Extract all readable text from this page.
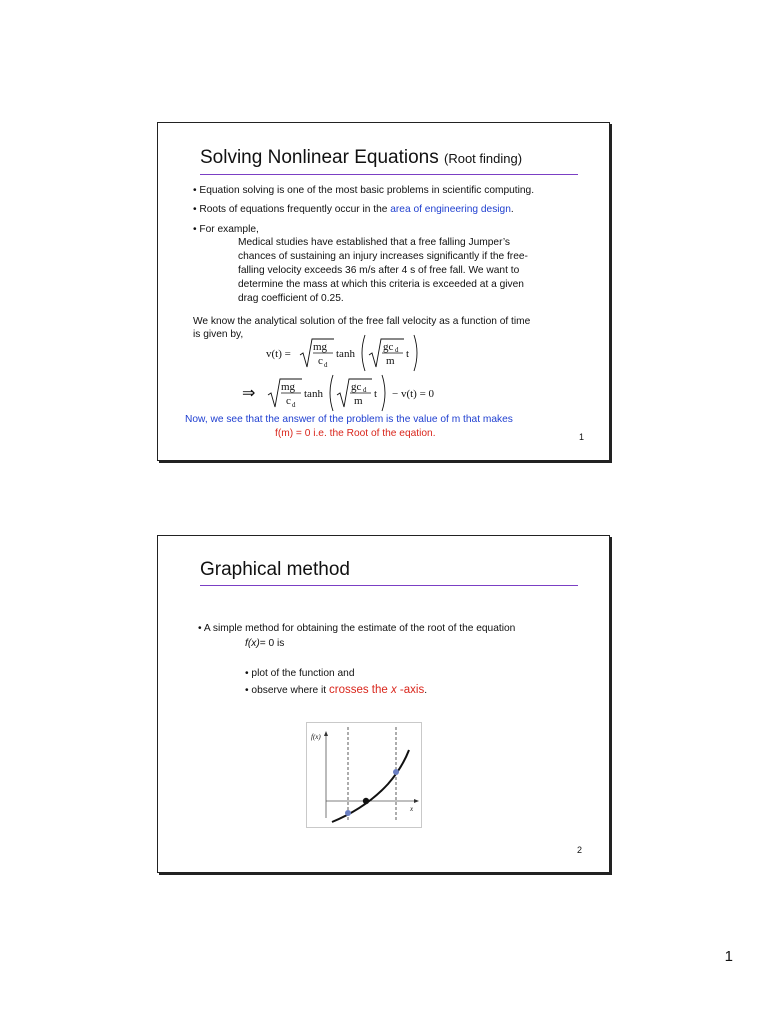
Solving Nonlinear Equations (Root finding)
• Equation solving is one of the most basic problems in scientific computing.
• Roots of equations frequently occur in the area of engineering design.
• For example,
Medical studies have established that a free falling Jumper’s
chances of sustaining an injury increases significantly if the free-
falling velocity exceeds 36 m/s after 4 s of free fall. We want to
determine the mass at which this criteria is exceeded at a given
drag coefficient of 0.25.
We know the analytical solution of the free fall velocity as a function of time
is given by,
v(t) =
mg
c d
tanh
gc d
m
t
⇒ mg
c d
tanh
gc d
m
t − v(t) = 0
Now, we see that the answer of the problem is the value of m that makes
f(m) = 0 i.e. the Root of the eqation.	1
Graphical method
• A simple method for obtaining the estimate of the root of the equation
f(x)= 0 is
• plot of the function and
• observe where it crosses the x -axis.
f(x)
x
2
1
